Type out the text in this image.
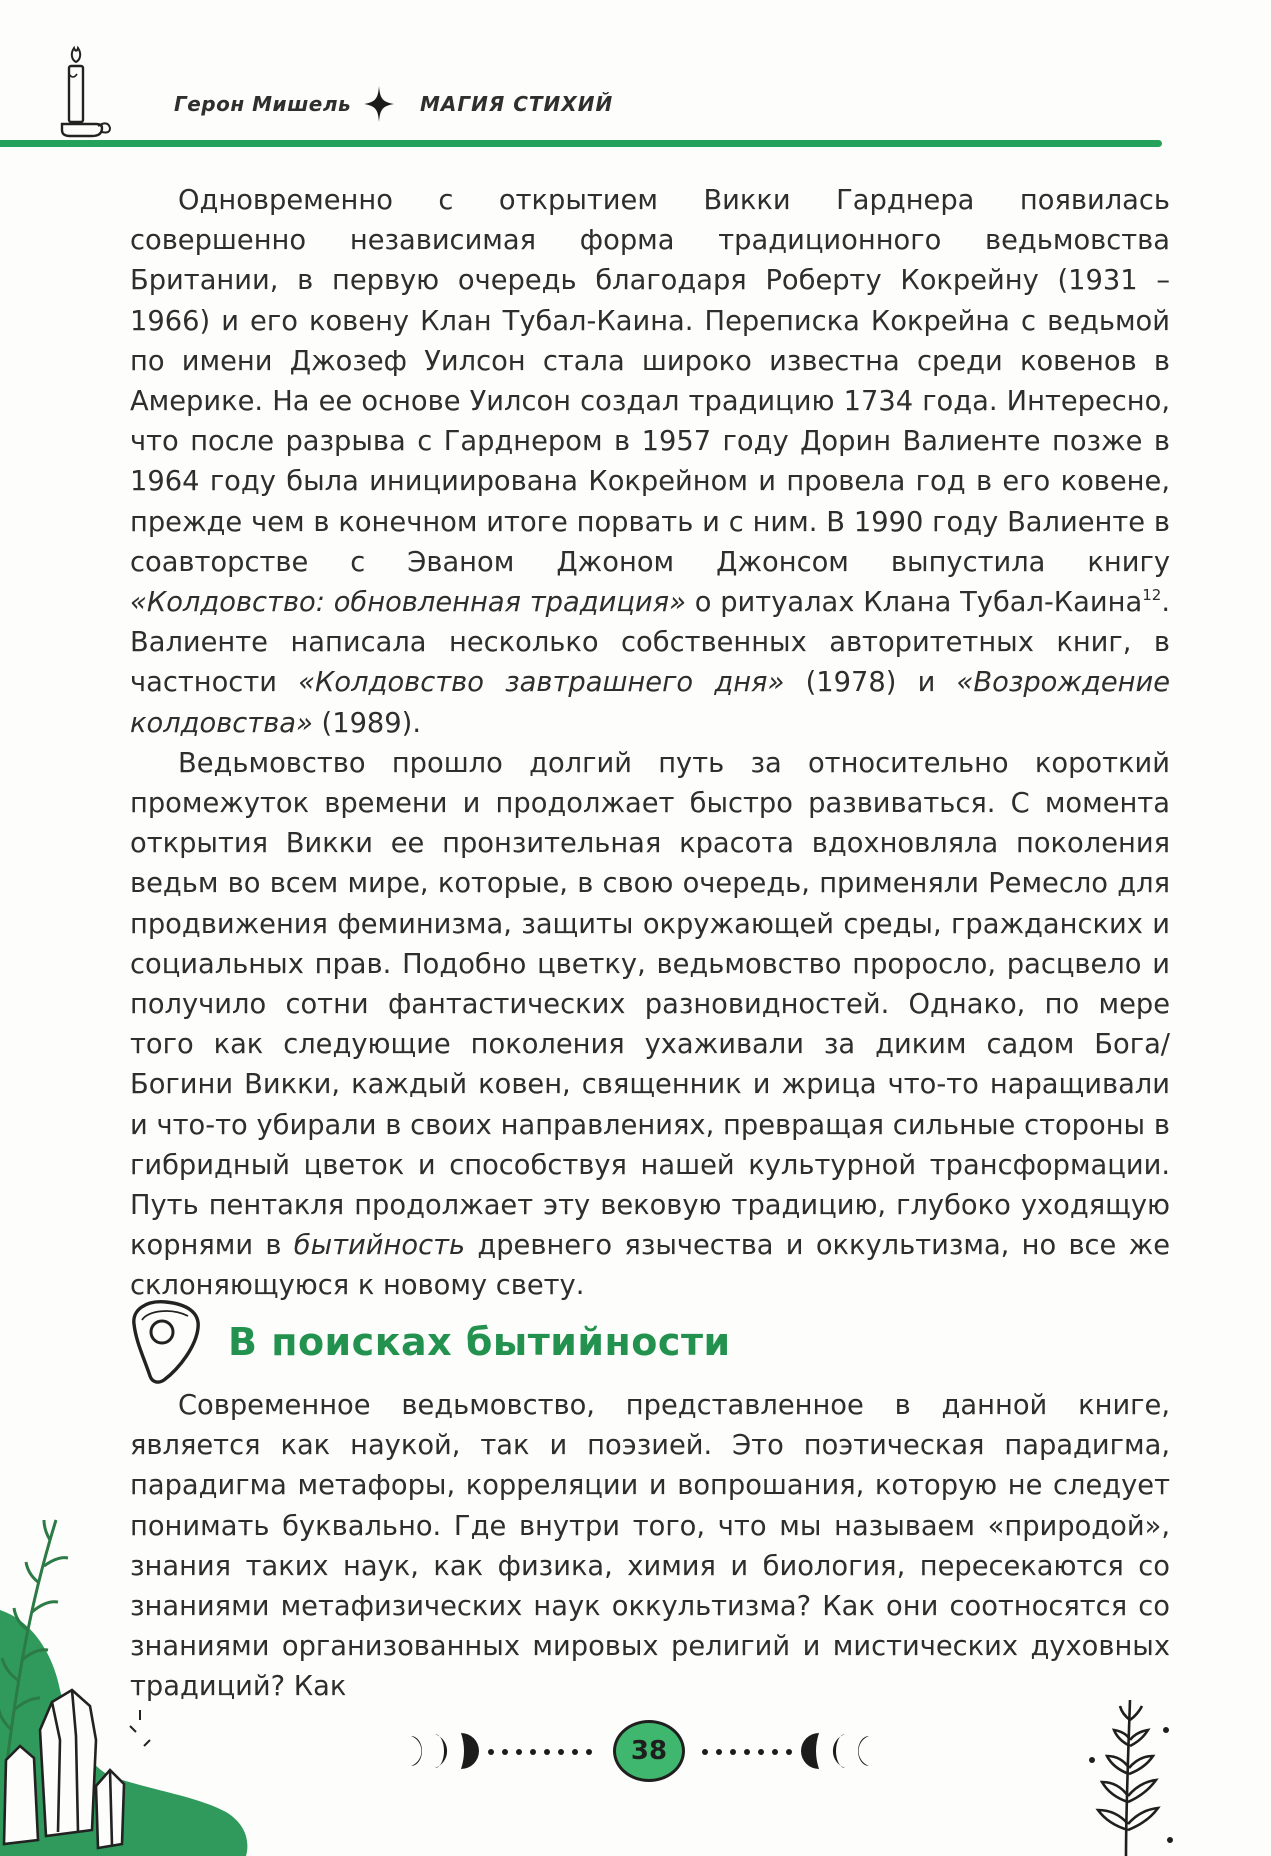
Герон Мишель	МАГИЯ СТИХИЙ

Одновременно с открытием Викки Гарднера появилась совершенно независимая форма традиционного ведьмовства Британии, в первую очередь благодаря Роберту Кокрейну (1931 – 1966) и его ковену Клан Тубал-Каина. Переписка Кокрейна с ведьмой по имени Джозеф Уилсон стала широко известна среди ковенов в Америке. На ее основе Уилсон создал традицию 1734 года. Интересно, что после разрыва с Гарднером в 1957 году Дорин Валиенте позже в 1964 году была инициирована Кокрейном и провела год в его ковене, прежде чем в конечном итоге порвать и с ним. В 1990 году Валиенте в соавторстве с Эваном Джоном Джонсом выпустила книгу «Колдовство: обновленная традиция» о ритуалах Клана Тубал-Каина$^{12}$. Валиенте написала несколько собственных авторитетных книг, в частности «Колдовство завтрашнего дня» (1978) и «Возрождение колдовства» (1989).

Ведьмовство прошло долгий путь за относительно короткий промежуток времени и продолжает быстро развиваться. С момента открытия Викки ее пронзительная красота вдохновляла поколения ведьм во всем мире, которые, в свою очередь, применяли Ремесло для продвижения феминизма, защиты окружающей среды, гражданских и социальных прав. Подобно цветку, ведьмовство проросло, расцвело и получило сотни фантастических разновидностей. Однако, по мере того как следующие поколения ухаживали за диким садом Бога/Богини Викки, каждый ковен, священник и жрица что-то наращивали и что-то убирали в своих направлениях, превращая сильные стороны в гибридный цветок и способствуя нашей культурной трансформации. Путь пентакля продолжает эту вековую традицию, глубоко уходящую корнями в бытийность древнего язычества и оккультизма, но все же склоняющуюся к новому свету.

В поисках бытийности

Современное ведьмовство, представленное в данной книге, является как наукой, так и поэзией. Это поэтическая парадигма, парадигма метафоры, корреляции и вопрошания, которую не следует понимать буквально. Где внутри того, что мы называем «природой», знания таких наук, как физика, химия и биология, пересекаются со знаниями метафизических наук оккультизма? Как они соотносятся со знаниями организованных мировых религий и мистических духовных традиций? Как

38
